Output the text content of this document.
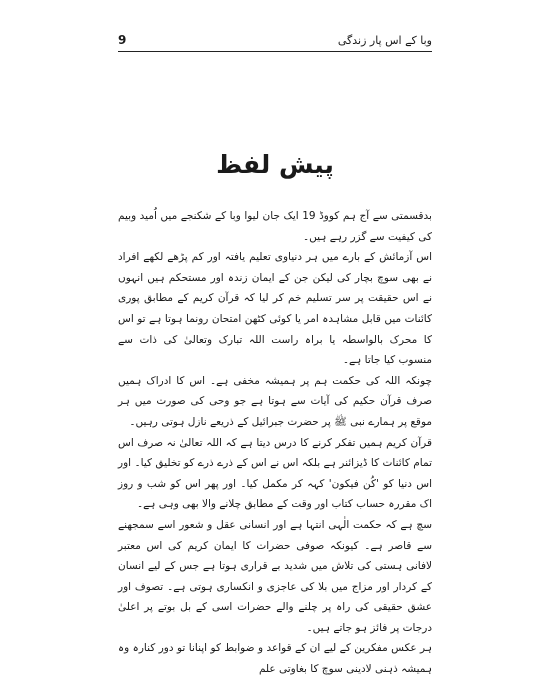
وبا کے اس پار زندگی
9
پیش لفظ

بدقسمتی سے آج ہم کووڈ 19 ایک جان لیوا وبا کے شکنجے میں اُمید وبیم کی کیفیت سے گزر رہے ہیں۔

اس آزمائش کے بارے میں ہر دنیاوی تعلیم یافتہ اور کم پڑھے لکھے افراد نے بھی سوچ بچار کی لیکن جن کے ایمان زندہ اور مستحکم ہیں انہوں نے اس حقیقت پر سر تسلیم خم کر لیا کہ قرآن کریم کے مطابق پوری کائنات میں قابل مشاہدہ امر یا کوئی کٹھن امتحان رونما ہوتا ہے تو اس کا محرک بالواسطہ یا براہ راست اللہ تبارک وتعالیٰ کی ذات سے منسوب کیا جاتا ہے۔

چونکہ اللہ کی حکمت ہم پر ہمیشہ مخفی ہے۔ اس کا ادراک ہمیں صرف قرآن حکیم کی آیات سے ہوتا ہے جو وحی کی صورت میں ہر موقع پر ہمارے نبی ﷺ پر حضرت جبرائیل کے ذریعے نازل ہوتی رہیں۔

قرآن کریم ہمیں تفکر کرنے کا درس دیتا ہے کہ اللہ تعالیٰ نہ صرف اس تمام کائنات کا ڈیزائنر ہے بلکہ اس نے اس کے ذرے ذرے کو تخلیق کیا۔ اور اس دنیا کو 'کُن فیکون' کہہ کر مکمل کیا۔ اور پھر اس کو شب و روز اک مقررہ حساب کتاب اور وقت کے مطابق چلانے والا بھی وہی ہے۔

سچ ہے کہ حکمت الٰہی انتہا ہے اور انسانی عقل و شعور اسے سمجھنے سے قاصر ہے۔ کیونکہ صوفی حضرات کا ایمان کریم کی اس معتبر لافانی ہستی کی تلاش میں شدید بے قراری ہوتا ہے جس کے لیے انسان کے کردار اور مزاج میں بلا کی عاجزی و انکساری ہوتی ہے۔ تصوف اور عشق حقیقی کی راہ پر چلنے والے حضرات اسی کے بل بوتے پر اعلیٰ درجات پر فائز ہو جاتے ہیں۔

ہر عکس مفکرین کے لیے ان کے قواعد و ضوابط کو اپنانا تو دور کنارہ وہ ہمیشہ ذہنی لادینی سوچ کا بغاوتی علم
